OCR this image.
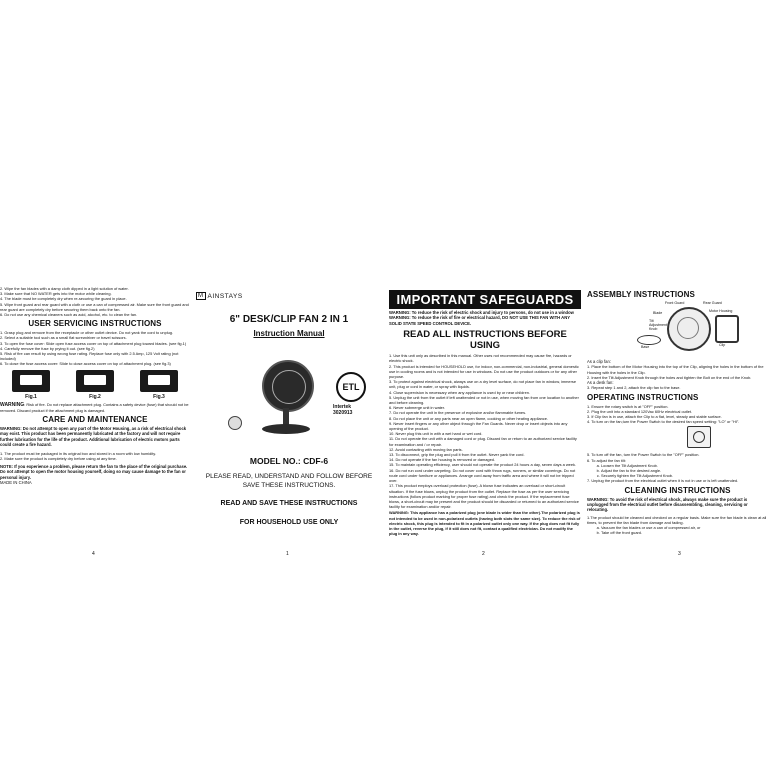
2. Wipe the fan blades with a damp cloth dipped in a light solution of water.
3. Make sure that NO WATER gets into the motor while cleaning.
4. The blade must be completely dry when re-securing the guard in place.
5. Wipe front guard and rear guard with a cloth or use a can of compressed air. Make sure the front guard and rear guard are completely dry before securing them back onto the fan.
6. Do not use any chemical cleaners such as acid, alcohol, etc. to clean the fan.
USER SERVICING INSTRUCTIONS
1. Grasp plug and remove from the receptacle or other outlet device. Do not yank the cord to unplug.
2. Select a suitable tool such as a small flat screwdriver or travel scissors.
3. To open the fuse cover: Slide open fuse access cover on top of attachment plug toward blades. (see fig.1)
4. Carefully remove the fuse by prying it out. (see fig.2)
5. Risk of fire can result by using wrong fuse rating. Replace fuse only with 2.5 Amp, 125 Volt rating (not included)
6. To close the fuse access cover: Slide to close access cover on top of attachment plug. (see fig.3)
Fig.1	Fig.2	Fig.3
WARNING: Risk of fire. Do not replace attachment plug. Contains a safety device (fuse) that should not be removed. Discard product if the attachment plug is damaged.
CARE AND MAINTENANCE
WARNING: Do not attempt to open any part of the Motor Housing, as a risk of electrical shock may exist. This product has been permanently lubricated at the factory and will not require further lubrication for the life of the product. Additional lubrication of electric motors parts could create a fire hazard.
1. The product must be packaged in its original box and stored in a room with low humidity.
2. Make sure the product is completely dry before using at any time.
NOTE: If you experience a problem, please return the fan to the place of the original purchase. Do not attempt to open the motor housing yourself, doing so may cause damage to the fan or personal injury.
MADE IN CHINA
4
M AINSTAYS
6" DESK/CLIP FAN 2 IN 1
Instruction Manual
ETL
Intertek
3020913
MODEL NO.: CDF-6
PLEASE READ, UNDERSTAND AND FOLLOW BEFORE SAVE THESE INSTRUCTIONS.
READ AND SAVE THESE INSTRUCTIONS
FOR HOUSEHOLD USE ONLY
1
IMPORTANT SAFEGUARDS
WARNING: To reduce the risk of electric shock and injury to persons, do not use in a window
WARNING: To reduce the risk of fire or electrical hazard, DO NOT USE THIS FAN WITH ANY SOLID STATE SPEED CONTROL DEVICE.
READ ALL INSTRUCTIONS BEFORE USING
1. Use this unit only as described in this manual. Other uses not recommended may cause fire, hazards or electric shock.
2. This product is intended for HOUSEHOLD use, for indoor, non-commercial, non-industrial, general domestic use in cooling rooms and is not intended for use in windows. Do not use the product outdoors or for any other purpose.
3. To protect against electrical shock, always use on a dry level surface, do not place fan in window, immerse unit, plug or cord in water, or spray with liquids.
4. Close supervision is necessary when any appliance is used by or near children.
5. Unplug the unit from the outlet if left unattended or not in use, when moving fan from one location to another and before cleaning.
6. Never submerge unit in water.
7. Do not operate the unit in the presence of explosive and/or flammable fumes.
8. Do not place the unit or any parts near an open flame, cooking or other heating appliance.
9. Never insert fingers or any other object through the Fan Guards. Never drop or insert objects into any opening of the product.
10. Never plug this unit in with a wet hand or wet cord.
11. Do not operate the unit with a damaged cord or plug. Discard fan or return to an authorized service facility for examination and / or repair.
12. Avoid contacting with moving fan parts.
13. To disconnect, grip the plug and pull it from the outlet. Never yank the cord.
14. Do not operate if the fan housing is removed or damaged.
15. To maintain operating efficiency, user should not operate the product 24 hours a day, seven days a week.
16. Do not run cord under carpeting. Do not cover cord with throw rugs, runners, or similar coverings. Do not route cord under furniture or appliances. Arrange cord away from traffic area and where it will not be tripped over.
17. This product employs overload protection (fuse). A blown fuse indicates an overload or short-circuit situation. If the fuse blows, unplug the product from the outlet. Replace the fuse as per the user servicing instructions (follow product marking for proper fuse rating) and check the product. If the replacement fuse blows, a short-circuit may be present and the product should be discarded or returned to an authorized service facility for examination and/or repair.
WARNING: This appliance has a polarized plug (one blade is wider than the other).The polarized plug is not intended to be used in non-polarized outlets (having both slots the same size). To reduce the risk of electric shock, this plug is intended to fit in a polarized outlet only one way. If the plug does not fit fully in the outlet, reverse the plug, if it still does not fit, contact a qualified electrician. Do not modify the plug in any way.
2
ASSEMBLY INSTRUCTIONS
Front Guard	Rear Guard
Blade	Motor Housing
Tilt Adjustment Knob
Base	Clip
As a clip fan:
1. Place the bottom of the Motor Housing into the top of the Clip, aligning the holes in the bottom of the Housing with the holes in the Clip.
2. Insert the Tilt Adjustment Knob through the holes and tighten the Bolt on the end of the Knob.
As a desk fan:
3. Repeat step 1 and 2, attach the clip fan to the base.
OPERATING INSTRUCTIONS
1. Ensure the rotary switch is at "OFF" position.
2. Plug the unit into a standard 120Vac 60Hz electrical outlet.
3. If Clip fan is in use, attach the Clip to a flat, level, steady and stable surface.
4. To turn on the fan,turn the Power Switch to the desired fan speed setting: "LO" or "HI".
5. To turn off the fan, turn the Power Switch to the "OFF" position.
6. To adjust the fan tilt:
a. Loosen the Tilt Adjustment Knob.
b. Adjust the fan to the desired angle.
c. Securely tighten the Tilt Adjustment Knob.
7. Unplug the product from the electrical outlet when it is not in use or is left unattended.
CLEANING INSTRUCTIONS
WARNING: To avoid the risk of electrical shock, always make sure the product is unplugged from the electrical outlet before disassembling, cleaning, servicing or relocating.
1.The product should be cleaned and checked on a regular basis. Make sure the fan blade is clean at all times, to prevent the fan blade from damage and fading.
a. Vacuum the fan blades or use a can of compressed air, or
b. Take off the front guard.
3
